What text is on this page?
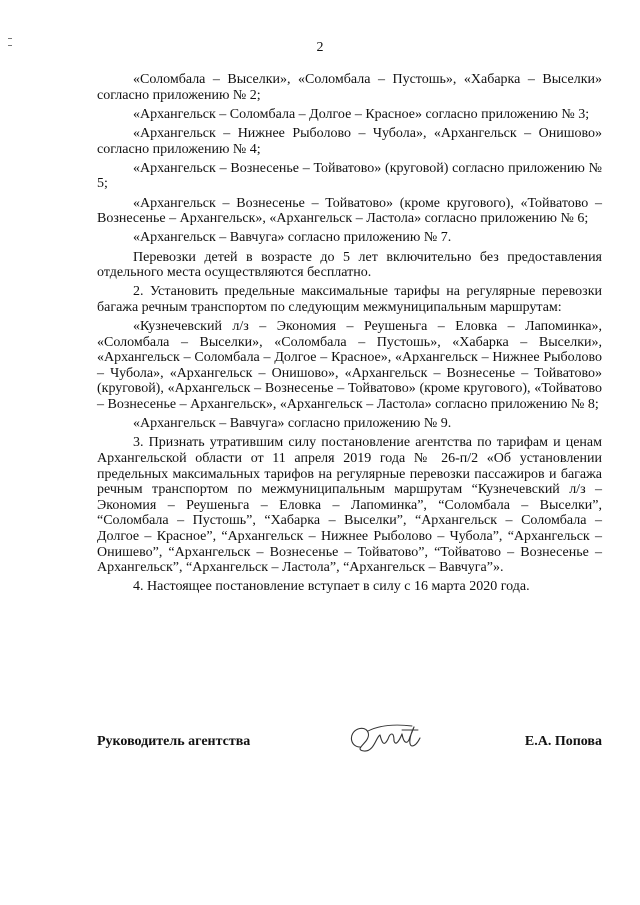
2

«Соломбала – Выселки», «Соломбала – Пустошь», «Хабарка – Выселки» согласно приложению № 2;

«Архангельск – Соломбала – Долгое – Красное» согласно приложению № 3;

«Архангельск – Нижнее Рыболово – Чубола», «Архангельск – Онишово» согласно приложению № 4;

«Архангельск – Вознесенье – Тойватово» (круговой) согласно приложению № 5;

«Архангельск – Вознесенье – Тойватово» (кроме кругового), «Тойватово – Вознесенье – Архангельск», «Архангельск – Ластола» согласно приложению № 6;

«Архангельск – Вавчуга» согласно приложению № 7.

Перевозки детей в возрасте до 5 лет включительно без предоставления отдельного места осуществляются бесплатно.

2. Установить предельные максимальные тарифы на регулярные перевозки багажа речным транспортом по следующим межмуниципальным маршрутам:

«Кузнечевский л/з – Экономия – Реушеньга – Еловка – Лапоминка», «Соломбала – Выселки», «Соломбала – Пустошь», «Хабарка – Выселки», «Архангельск – Соломбала – Долгое – Красное», «Архангельск – Нижнее Рыболово – Чубола», «Архангельск – Онишово», «Архангельск – Вознесенье – Тойватово» (круговой), «Архангельск – Вознесенье – Тойватово» (кроме кругового), «Тойватово – Вознесенье – Архангельск», «Архангельск – Ластола» согласно приложению № 8;

«Архангельск – Вавчуга» согласно приложению № 9.

3. Признать утратившим силу постановление агентства по тарифам и ценам Архангельской области от 11 апреля 2019 года № 26-п/2 «Об установлении предельных максимальных тарифов на регулярные перевозки пассажиров и багажа речным транспортом по межмуниципальным маршрутам “Кузнечевский л/з – Экономия – Реушеньга – Еловка – Лапоминка”, “Соломбала – Выселки”, “Соломбала – Пустошь”, “Хабарка – Выселки”, “Архангельск – Соломбала – Долгое – Красное”, “Архангельск – Нижнее Рыболово – Чубола”, “Архангельск – Онишево”, “Архангельск – Вознесенье – Тойватово”, “Тойватово – Вознесенье – Архангельск”, “Архангельск – Ластола”, “Архангельск – Вавчуга”».

4. Настоящее постановление вступает в силу с 16 марта 2020 года.

Руководитель агентства	Е.А. Попова
